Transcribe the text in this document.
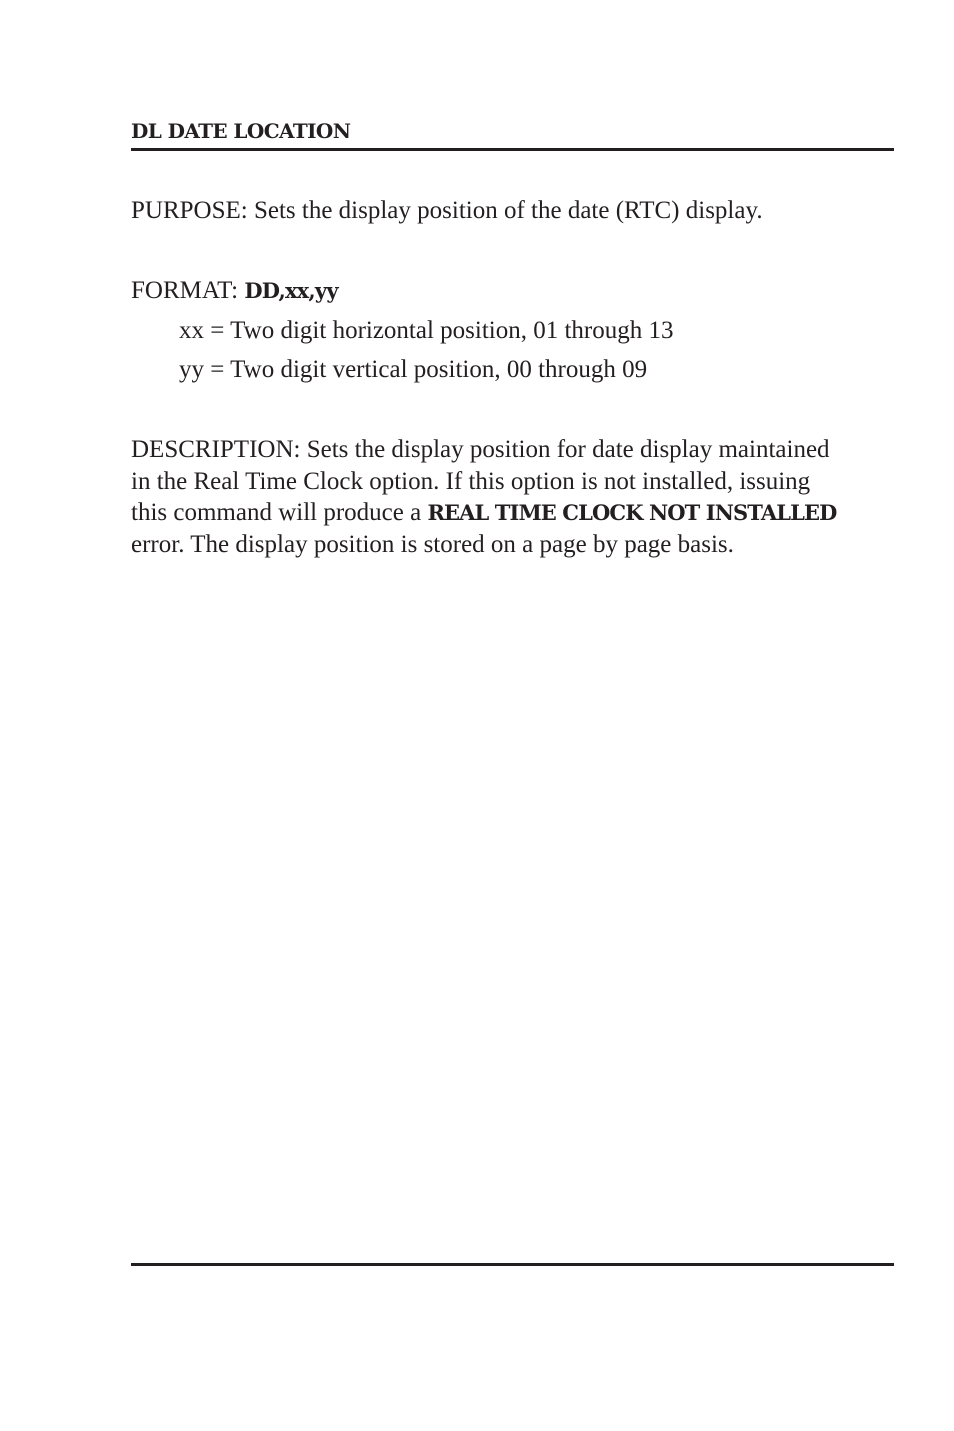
DL DATE LOCATION
PURPOSE: Sets the display position of the date (RTC) display.
FORMAT: DD,xx,yy
xx = Two digit horizontal position, 01 through 13
yy = Two digit vertical position, 00 through 09
DESCRIPTION: Sets the display position for date display maintained
in the Real Time Clock option. If this option is not installed, issuing
this command will produce a REAL TIME CLOCK NOT INSTALLED
error. The display position is stored on a page by page basis.
